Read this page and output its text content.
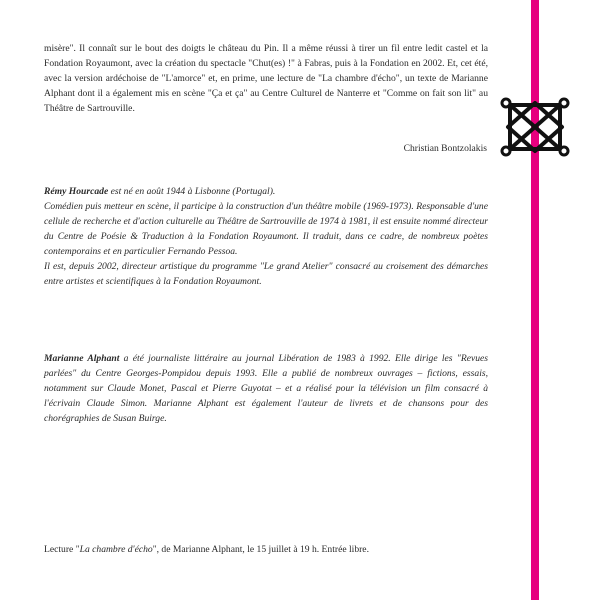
misère". Il connaît sur le bout des doigts le château du Pin. Il a même réussi à tirer un fil entre ledit castel et la Fondation Royaumont, avec la création du spectacle "Chut(es) !" à Fabras, puis à la Fondation en 2002. Et, cet été, avec la version ardéchoise de "L'amorce" et, en prime, une lecture de "La chambre d'écho", un texte de Marianne Alphant dont il a également mis en scène "Ça et ça" au Centre Culturel de Nanterre et "Comme on fait son lit" au Théâtre de Sartrouville.

Christian Bontzolakis

Rémy Hourcade est né en août 1944 à Lisbonne (Portugal).
Comédien puis metteur en scène, il participe à la construction d'un théâtre mobile (1969-1973). Responsable d'une cellule de recherche et d'action culturelle au Théâtre de Sartrouville de 1974 à 1981, il est ensuite nommé directeur du Centre de Poésie & Traduction à la Fondation Royaumont. Il traduit, dans ce cadre, de nombreux poètes contemporains et en particulier Fernando Pessoa.
Il est, depuis 2002, directeur artistique du programme "Le grand Atelier" consacré au croisement des démarches entre artistes et scientifiques à la Fondation Royaumont.

Marianne Alphant a été journaliste littéraire au journal Libération de 1983 à 1992. Elle dirige les "Revues parlées" du Centre Georges-Pompidou depuis 1993. Elle a publié de nombreux ouvrages – fictions, essais, notamment sur Claude Monet, Pascal et Pierre Guyotat – et a réalisé pour la télévision un film consacré à l'écrivain Claude Simon. Marianne Alphant est également l'auteur de livrets et de chansons pour des chorégraphies de Susan Buirge.

Lecture "La chambre d'écho", de Marianne Alphant, le 15 juillet à 19 h. Entrée libre.
